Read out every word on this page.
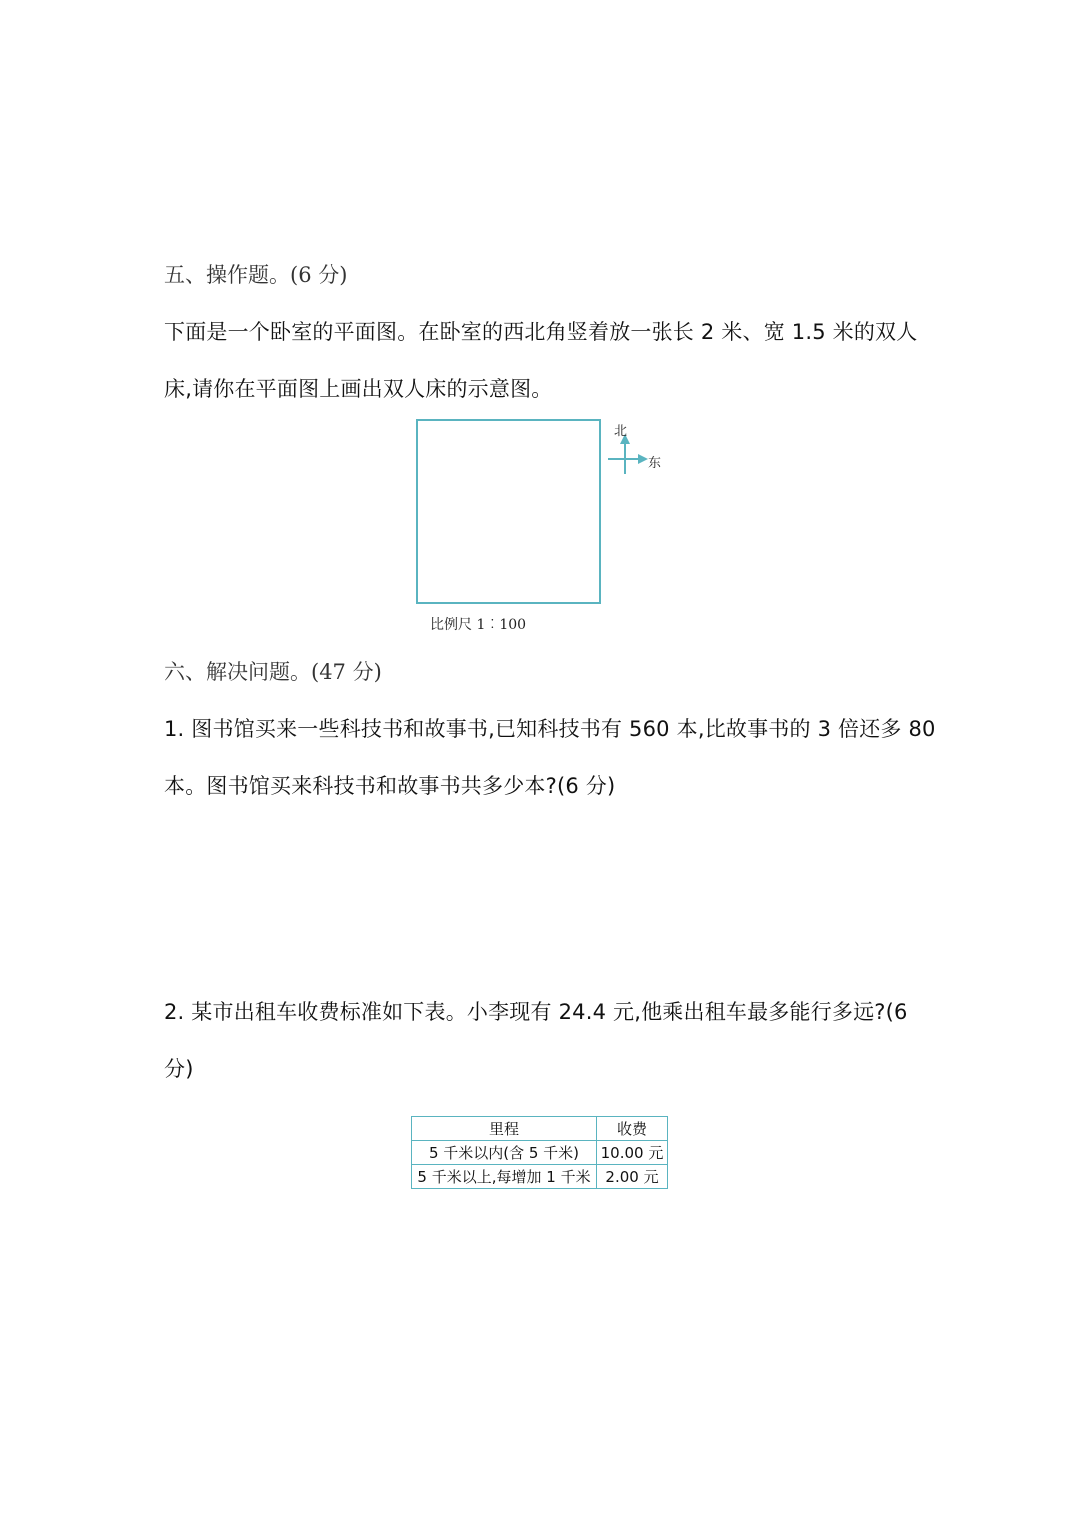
五、操作题。(6 分)
下面是一个卧室的平面图。在卧室的西北角竖着放一张长 2 米、宽 1.5 米的双人
床,请你在平面图上画出双人床的示意图。
北
东
比例尺 1︰100
六、解决问题。(47 分)
1. 图书馆买来一些科技书和故事书,已知科技书有 560 本,比故事书的 3 倍还多 80
本。图书馆买来科技书和故事书共多少本?(6 分)
2. 某市出租车收费标准如下表。小李现有 24.4 元,他乘出租车最多能行多远?(6
分)
里程	收费
5 千米以内(含 5 千米)	10.00 元
5 千米以上,每增加 1 千米	2.00 元
